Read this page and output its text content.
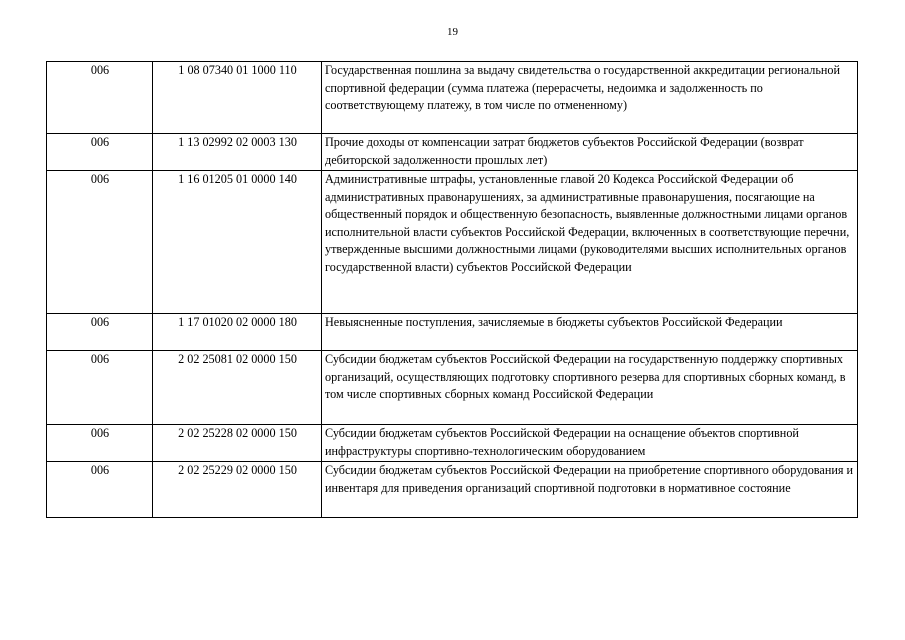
19
006	1 08 07340 01 1000 110	Государственная пошлина за выдачу свидетельства о государственной аккредитации региональной спортивной федерации (сумма платежа (перерасчеты, недоимка и задолженность по соответствующему платежу, в том числе по отмененному)
006	1 13 02992 02 0003 130	Прочие доходы от компенсации затрат бюджетов субъектов Российской Федерации (возврат дебиторской задолженности прошлых лет)
006	1 16 01205 01 0000 140	Административные штрафы, установленные главой 20 Кодекса Российской Федерации об административных правонарушениях, за административные правонарушения, посягающие на общественный порядок и общественную безопасность, выявленные должностными лицами органов исполнительной власти субъектов Российской Федерации, включенных в соответствующие перечни, утвержденные высшими должностными лицами (руководителями высших исполнительных органов государственной власти) субъектов Российской Федерации
006	1 17 01020 02 0000 180	Невыясненные поступления, зачисляемые в бюджеты субъектов Российской Федерации
006	2 02 25081 02 0000 150	Субсидии бюджетам субъектов Российской Федерации на государственную поддержку спортивных организаций, осуществляющих подготовку спортивного резерва для спортивных сборных команд, в том числе спортивных сборных команд Российской Федерации
006	2 02 25228 02 0000 150	Субсидии бюджетам субъектов Российской Федерации на оснащение объектов спортивной инфраструктуры спортивно-технологическим оборудованием
006	2 02 25229 02 0000 150	Субсидии бюджетам субъектов Российской Федерации на приобретение спортивного оборудования и инвентаря для приведения организаций спортивной подготовки в нормативное состояние
